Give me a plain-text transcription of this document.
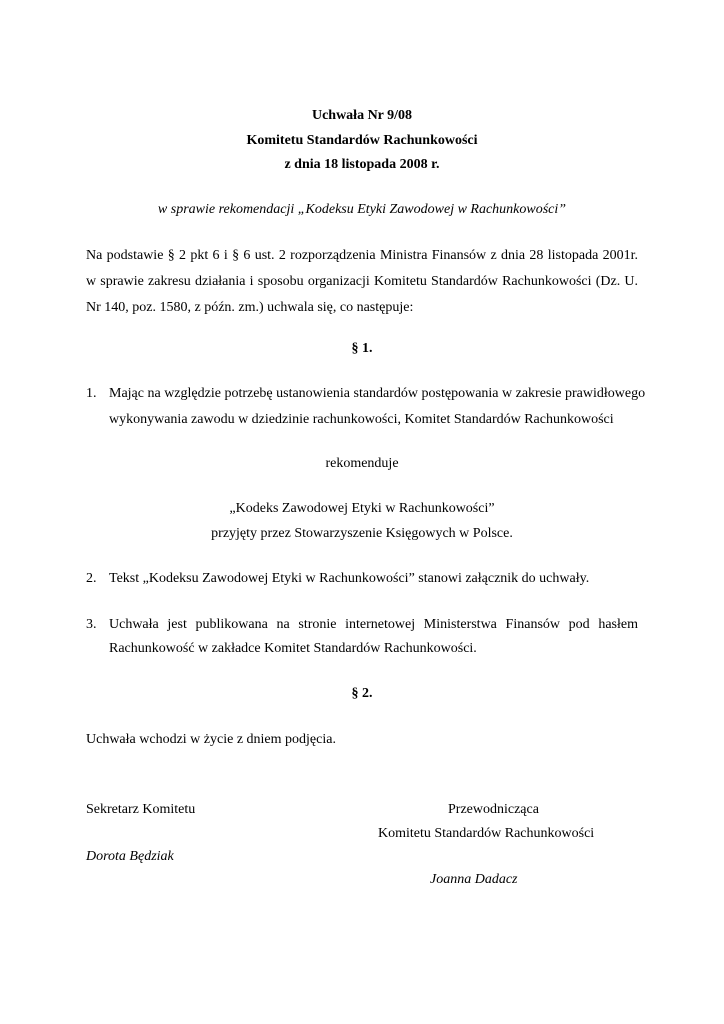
Uchwała Nr 9/08
Komitetu Standardów Rachunkowości
z dnia 18 listopada 2008 r.
w sprawie rekomendacji „Kodeksu Etyki Zawodowej w Rachunkowości”
Na podstawie § 2 pkt 6 i § 6 ust. 2 rozporządzenia Ministra Finansów z dnia 28 listopada 2001r.
w sprawie zakresu działania i sposobu organizacji Komitetu Standardów Rachunkowości (Dz. U.
Nr 140, poz. 1580, z późn. zm.) uchwala się, co następuje:
§ 1.
1. Mając na względzie potrzebę ustanowienia standardów postępowania w zakresie prawidłowego
wykonywania zawodu w dziedzinie rachunkowości, Komitet Standardów Rachunkowości
rekomenduje
„Kodeks Zawodowej Etyki w Rachunkowości”
przyjęty przez Stowarzyszenie Księgowych w Polsce.
2. Tekst „Kodeksu Zawodowej Etyki w Rachunkowości” stanowi załącznik do uchwały.
3. Uchwała jest publikowana na stronie internetowej Ministerstwa Finansów pod hasłem
Rachunkowość w zakładce Komitet Standardów Rachunkowości.
§ 2.
Uchwała wchodzi w życie z dniem podjęcia.
Sekretarz Komitetu
Dorota Będziak
Przewodnicząca
Komitetu Standardów Rachunkowości
Joanna Dadacz
